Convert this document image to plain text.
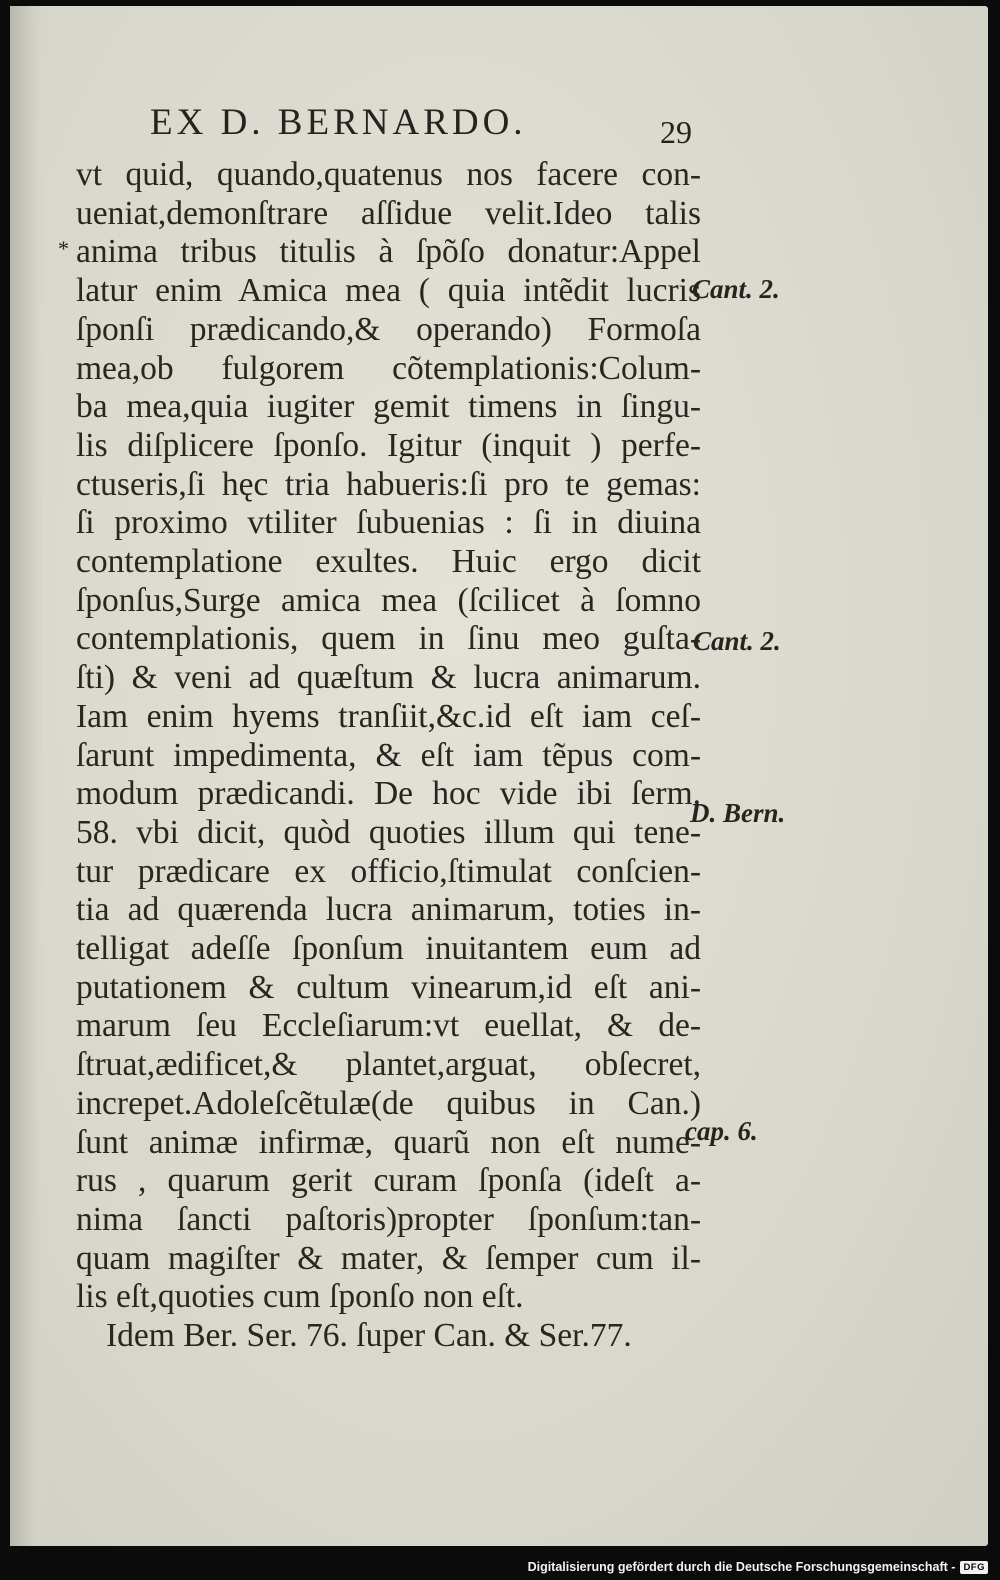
EX D. BERNARDO.	29
*
vt quid, quando,quatenus nos facere con-
ueniat,demonſtrare aſſidue velit.Ideo talis
anima tribus titulis à ſpõſo donatur:Appel
latur enim Amica mea ( quia intẽdit lucris
ſponſi prædicando,& operando) Formoſa
mea,ob fulgorem cõtemplationis:Colum-
ba mea,quia iugiter gemit timens in ſingu-
lis diſplicere ſponſo. Igitur (inquit ) perfe-
ctuseris,ſi hęc tria habueris:ſi pro te gemas:
ſi proximo vtiliter ſubuenias : ſi in diuina
contemplatione exultes. Huic ergo dicit
ſponſus,Surge amica mea (ſcilicet à ſomno
contemplationis, quem in ſinu meo guſta-
ſti) & veni ad quæſtum & lucra animarum.
Iam enim hyems tranſiit,&c.id eſt iam ceſ-
ſarunt impedimenta, & eſt iam tẽpus com-
modum prædicandi. De hoc vide ibi ſerm.
58. vbi dicit, quòd quoties illum qui tene-
tur prædicare ex officio,ſtimulat conſcien-
tia ad quærenda lucra animarum, toties in-
telligat adeſſe ſponſum inuitantem eum ad
putationem & cultum vinearum,id eſt ani-
marum ſeu Eccleſiarum:vt euellat, & de-
ſtruat,ædificet,& plantet,arguat, obſecret,
increpet.Adoleſcẽtulæ(de quibus in Can.)
ſunt animæ infirmæ, quarũ non eſt nume-
rus , quarum gerit curam ſponſa (ideſt a-
nima ſancti paſtoris)propter ſponſum:tan-
quam magiſter & mater, & ſemper cum il-
lis eſt,quoties cum ſponſo non eſt.
Idem Ber. Ser. 76. ſuper Can. & Ser.77.
Cant. 2.
Cant. 2.
D. Bern.
cap. 6.
Digitalisierung gefördert durch die Deutsche Forschungsgemeinschaft - DFG
